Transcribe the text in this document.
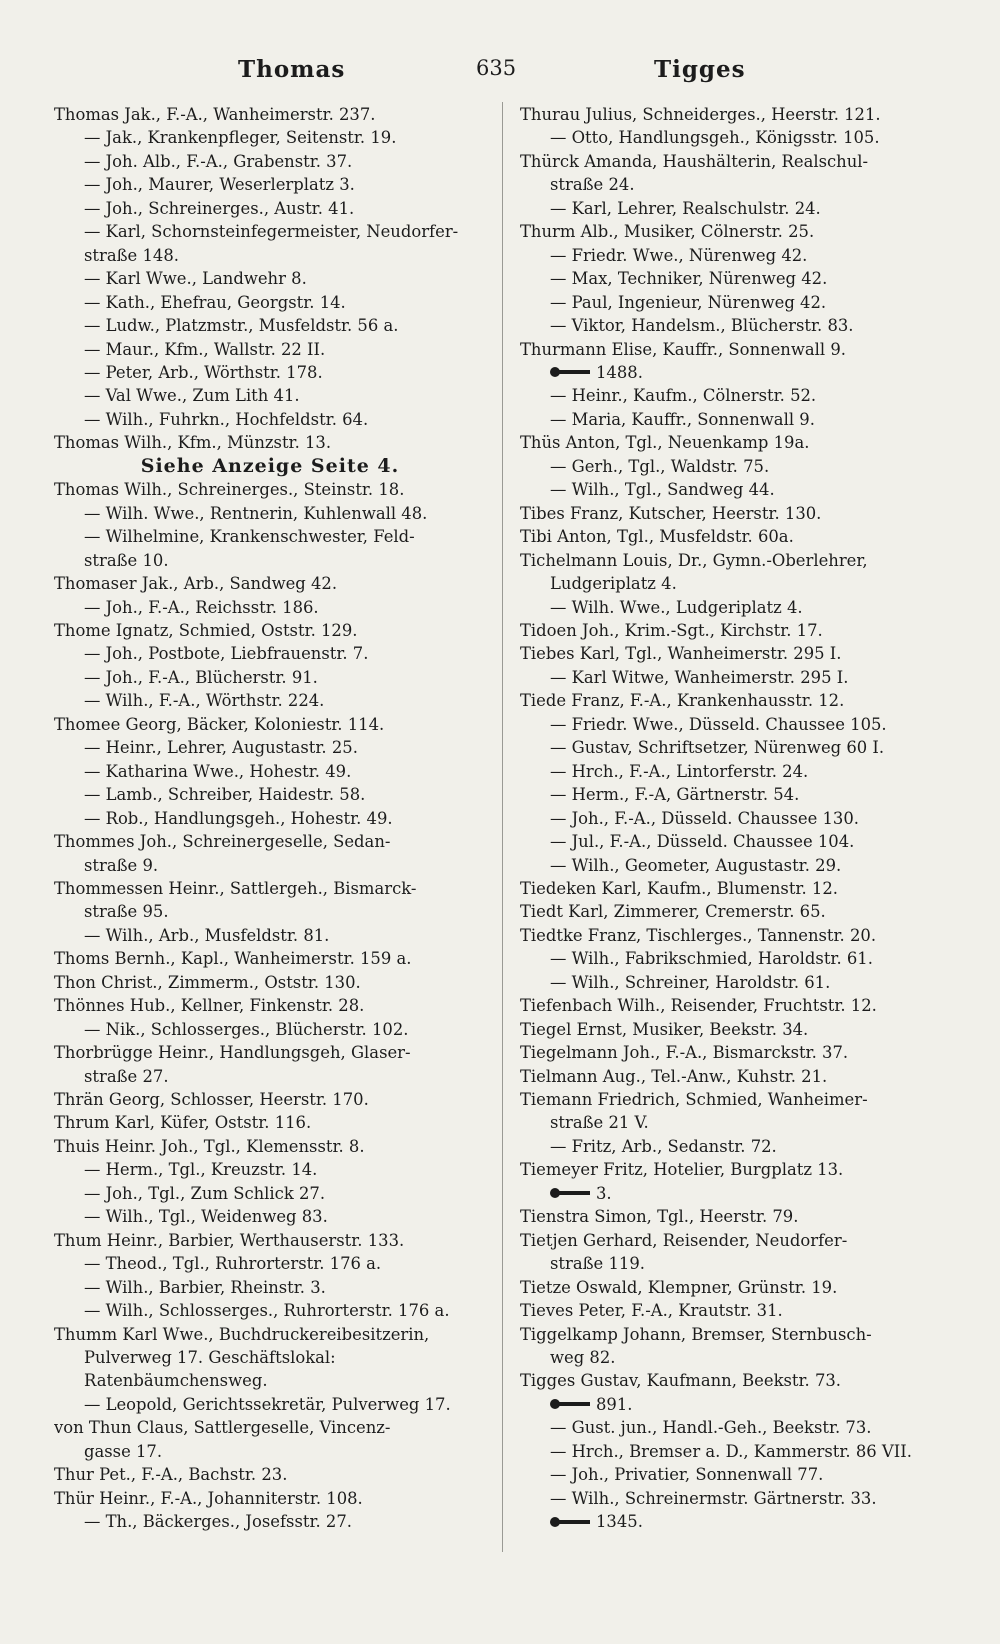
Thomas	635	Tigges
Thomas Jak., F.-A., Wanheimerstr. 237.
— Jak., Krankenpfleger, Seitenstr. 19.
— Joh. Alb., F.-A., Grabenstr. 37.
— Joh., Maurer, Weserlerplatz 3.
— Joh., Schreinerges., Austr. 41.
— Karl, Schornsteinfegermeister, Neudorfer-
straße 148.
— Karl Wwe., Landwehr 8.
— Kath., Ehefrau, Georgstr. 14.
— Ludw., Platzmstr., Musfeldstr. 56 a.
— Maur., Kfm., Wallstr. 22 II.
— Peter, Arb., Wörthstr. 178.
— Val Wwe., Zum Lith 41.
— Wilh., Fuhrkn., Hochfeldstr. 64.
Thomas Wilh., Kfm., Münzstr. 13.
Siehe Anzeige Seite 4.
Thomas Wilh., Schreinerges., Steinstr. 18.
— Wilh. Wwe., Rentnerin, Kuhlenwall 48.
— Wilhelmine, Krankenschwester, Feld-
straße 10.
Thomaser Jak., Arb., Sandweg 42.
— Joh., F.-A., Reichsstr. 186.
Thome Ignatz, Schmied, Oststr. 129.
— Joh., Postbote, Liebfrauenstr. 7.
— Joh., F.-A., Blücherstr. 91.
— Wilh., F.-A., Wörthstr. 224.
Thomee Georg, Bäcker, Koloniestr. 114.
— Heinr., Lehrer, Augustastr. 25.
— Katharina Wwe., Hohestr. 49.
— Lamb., Schreiber, Haidestr. 58.
— Rob., Handlungsgeh., Hohestr. 49.
Thommes Joh., Schreinergeselle, Sedan-
straße 9.
Thommessen Heinr., Sattlergeh., Bismarck-
straße 95.
— Wilh., Arb., Musfeldstr. 81.
Thoms Bernh., Kapl., Wanheimerstr. 159 a.
Thon Christ., Zimmerm., Oststr. 130.
Thönnes Hub., Kellner, Finkenstr. 28.
— Nik., Schlosserges., Blücherstr. 102.
Thorbrügge Heinr., Handlungsgeh, Glaser-
straße 27.
Thrän Georg, Schlosser, Heerstr. 170.
Thrum Karl, Küfer, Oststr. 116.
Thuis Heinr. Joh., Tgl., Klemensstr. 8.
— Herm., Tgl., Kreuzstr. 14.
— Joh., Tgl., Zum Schlick 27.
— Wilh., Tgl., Weidenweg 83.
Thum Heinr., Barbier, Werthauserstr. 133.
— Theod., Tgl., Ruhrorterstr. 176 a.
— Wilh., Barbier, Rheinstr. 3.
— Wilh., Schlosserges., Ruhrorterstr. 176 a.
Thumm Karl Wwe., Buchdruckereibesitzerin,
Pulverweg 17. Geschäftslokal:
Ratenbäumchensweg.
— Leopold, Gerichtssekretär, Pulverweg 17.
von Thun Claus, Sattlergeselle, Vincenz-
gasse 17.
Thur Pet., F.-A., Bachstr. 23.
Thür Heinr., F.-A., Johanniterstr. 108.
— Th., Bäckerges., Josefsstr. 27.
Thurau Julius, Schneiderges., Heerstr. 121.
— Otto, Handlungsgeh., Königsstr. 105.
Thürck Amanda, Haushälterin, Realschul-
straße 24.
— Karl, Lehrer, Realschulstr. 24.
Thurm Alb., Musiker, Cölnerstr. 25.
— Friedr. Wwe., Nürenweg 42.
— Max, Techniker, Nürenweg 42.
— Paul, Ingenieur, Nürenweg 42.
— Viktor, Handelsm., Blücherstr. 83.
Thurmann Elise, Kauffr., Sonnenwall 9.
1488.
— Heinr., Kaufm., Cölnerstr. 52.
— Maria, Kauffr., Sonnenwall 9.
Thüs Anton, Tgl., Neuenkamp 19a.
— Gerh., Tgl., Waldstr. 75.
— Wilh., Tgl., Sandweg 44.
Tibes Franz, Kutscher, Heerstr. 130.
Tibi Anton, Tgl., Musfeldstr. 60a.
Tichelmann Louis, Dr., Gymn.-Oberlehrer,
Ludgeriplatz 4.
— Wilh. Wwe., Ludgeriplatz 4.
Tidoen Joh., Krim.-Sgt., Kirchstr. 17.
Tiebes Karl, Tgl., Wanheimerstr. 295 I.
— Karl Witwe, Wanheimerstr. 295 I.
Tiede Franz, F.-A., Krankenhausstr. 12.
— Friedr. Wwe., Düsseld. Chaussee 105.
— Gustav, Schriftsetzer, Nürenweg 60 I.
— Hrch., F.-A., Lintorferstr. 24.
— Herm., F.-A, Gärtnerstr. 54.
— Joh., F.-A., Düsseld. Chaussee 130.
— Jul., F.-A., Düsseld. Chaussee 104.
— Wilh., Geometer, Augustastr. 29.
Tiedeken Karl, Kaufm., Blumenstr. 12.
Tiedt Karl, Zimmerer, Cremerstr. 65.
Tiedtke Franz, Tischlerges., Tannenstr. 20.
— Wilh., Fabrikschmied, Haroldstr. 61.
— Wilh., Schreiner, Haroldstr. 61.
Tiefenbach Wilh., Reisender, Fruchtstr. 12.
Tiegel Ernst, Musiker, Beekstr. 34.
Tiegelmann Joh., F.-A., Bismarckstr. 37.
Tielmann Aug., Tel.-Anw., Kuhstr. 21.
Tiemann Friedrich, Schmied, Wanheimer-
straße 21 V.
— Fritz, Arb., Sedanstr. 72.
Tiemeyer Fritz, Hotelier, Burgplatz 13.
3.
Tienstra Simon, Tgl., Heerstr. 79.
Tietjen Gerhard, Reisender, Neudorfer-
straße 119.
Tietze Oswald, Klempner, Grünstr. 19.
Tieves Peter, F.-A., Krautstr. 31.
Tiggelkamp Johann, Bremser, Sternbusch-
weg 82.
Tigges Gustav, Kaufmann, Beekstr. 73.
891.
— Gust. jun., Handl.-Geh., Beekstr. 73.
— Hrch., Bremser a. D., Kammerstr. 86 VII.
— Joh., Privatier, Sonnenwall 77.
— Wilh., Schreinermstr. Gärtnerstr. 33.
1345.
